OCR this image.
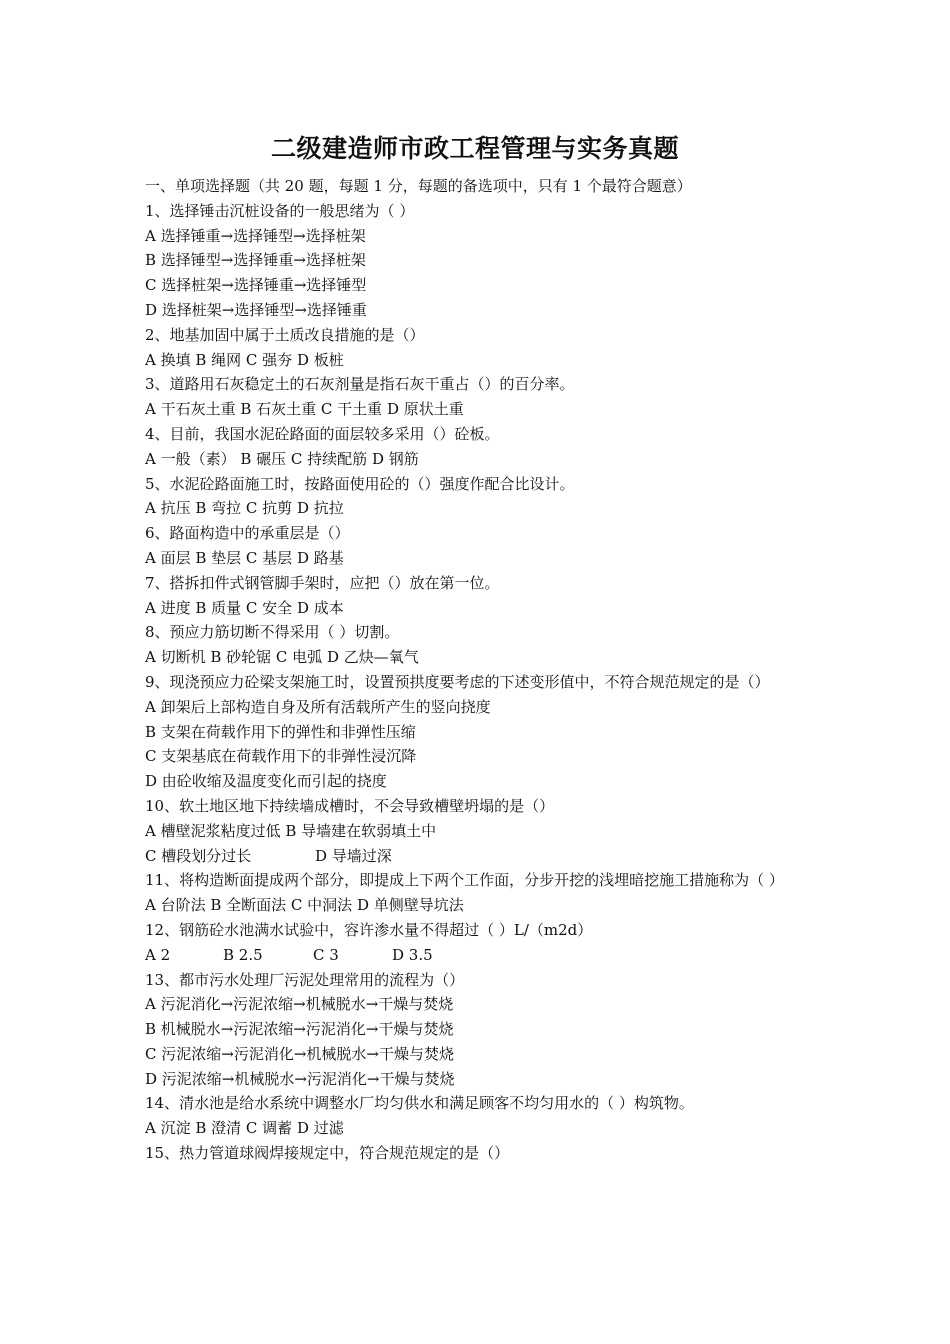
二级建造师市政工程管理与实务真题
一、单项选择题（共 20 题，每题 1 分，每题的备选项中，只有 1 个最符合题意）
1、选择锤击沉桩设备的一般思绪为（ ）
A 选择锤重→选择锤型→选择桩架
B 选择锤型→选择锤重→选择桩架
C 选择桩架→选择锤重→选择锤型
D 选择桩架→选择锤型→选择锤重
2、地基加固中属于土质改良措施的是（）
A 换填 B 绳网 C 强夯 D 板桩
3、道路用石灰稳定土的石灰剂量是指石灰干重占（）的百分率。
A 干石灰土重 B 石灰土重 C 干土重 D 原状土重
4、目前，我国水泥砼路面的面层较多采用（）砼板。
A 一般（素） B 碾压 C 持续配筋 D 钢筋
5、水泥砼路面施工时，按路面使用砼的（）强度作配合比设计。
A 抗压 B 弯拉 C 抗剪 D 抗拉
6、路面构造中的承重层是（）
A 面层 B 垫层 C 基层 D 路基
7、搭拆扣件式钢管脚手架时，应把（）放在第一位。
A 进度 B 质量 C 安全 D 成本
8、预应力筋切断不得采用（ ）切割。
A 切断机 B 砂轮锯 C 电弧 D 乙炔—氧气
9、现浇预应力砼梁支架施工时，设置预拱度要考虑的下述变形值中，不符合规范规定的是（）
A 卸架后上部构造自身及所有活载所产生的竖向挠度
B 支架在荷载作用下的弹性和非弹性压缩
C 支架基底在荷载作用下的非弹性浸沉降
D 由砼收缩及温度变化而引起的挠度
10、软土地区地下持续墙成槽时，不会导致槽壁坍塌的是（）
A 槽壁泥浆粘度过低 B 导墙建在软弱填土中
C 槽段划分过长	D 导墙过深
11、将构造断面提成两个部分，即提成上下两个工作面，分步开挖的浅埋暗挖施工措施称为（ ）
A 台阶法 B 全断面法 C 中洞法 D 单侧壁导坑法
12、钢筋砼水池满水试验中，容许渗水量不得超过（ ）L/（m2d）
A 2	B 2.5	C 3	D 3.5
13、都市污水处理厂污泥处理常用的流程为（）
A 污泥消化→污泥浓缩→机械脱水→干燥与焚烧
B 机械脱水→污泥浓缩→污泥消化→干燥与焚烧
C 污泥浓缩→污泥消化→机械脱水→干燥与焚烧
D 污泥浓缩→机械脱水→污泥消化→干燥与焚烧
14、清水池是给水系统中调整水厂均匀供水和满足顾客不均匀用水的（ ）构筑物。
A 沉淀 B 澄清 C 调蓄 D 过滤
15、热力管道球阀焊接规定中，符合规范规定的是（）
